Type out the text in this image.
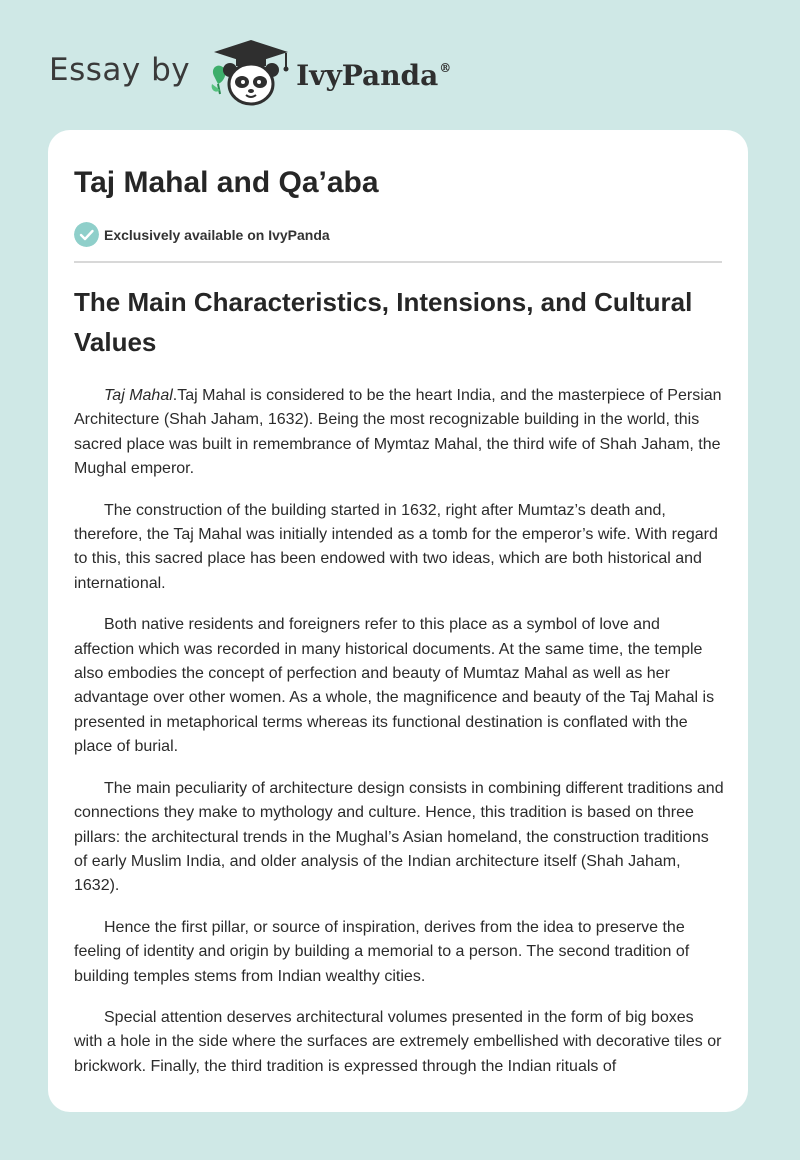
Essay by	IvyPanda®
Taj Mahal and Qa’aba
Exclusively available on IvyPanda
The Main Characteristics, Intensions, and Cultural Values

Taj Mahal.Taj Mahal is considered to be the heart India, and the masterpiece of Persian Architecture (Shah Jaham, 1632). Being the most recognizable building in the world, this sacred place was built in remembrance of Mymtaz Mahal, the third wife of Shah Jaham, the Mughal emperor.

The construction of the building started in 1632, right after Mumtaz’s death and, therefore, the Taj Mahal was initially intended as a tomb for the emperor’s wife. With regard to this, this sacred place has been endowed with two ideas, which are both historical and international.

Both native residents and foreigners refer to this place as a symbol of love and affection which was recorded in many historical documents. At the same time, the temple also embodies the concept of perfection and beauty of Mumtaz Mahal as well as her advantage over other women. As a whole, the magnificence and beauty of the Taj Mahal is presented in metaphorical terms whereas its functional destination is conflated with the place of burial.

The main peculiarity of architecture design consists in combining different traditions and connections they make to mythology and culture. Hence, this tradition is based on three pillars: the architectural trends in the Mughal’s Asian homeland, the construction traditions of early Muslim India, and older analysis of the Indian architecture itself (Shah Jaham, 1632).

Hence the first pillar, or source of inspiration, derives from the idea to preserve the feeling of identity and origin by building a memorial to a person. The second tradition of building temples stems from Indian wealthy cities.

Special attention deserves architectural volumes presented in the form of big boxes with a hole in the side where the surfaces are extremely embellished with decorative tiles or brickwork. Finally, the third tradition is expressed through the Indian rituals of
